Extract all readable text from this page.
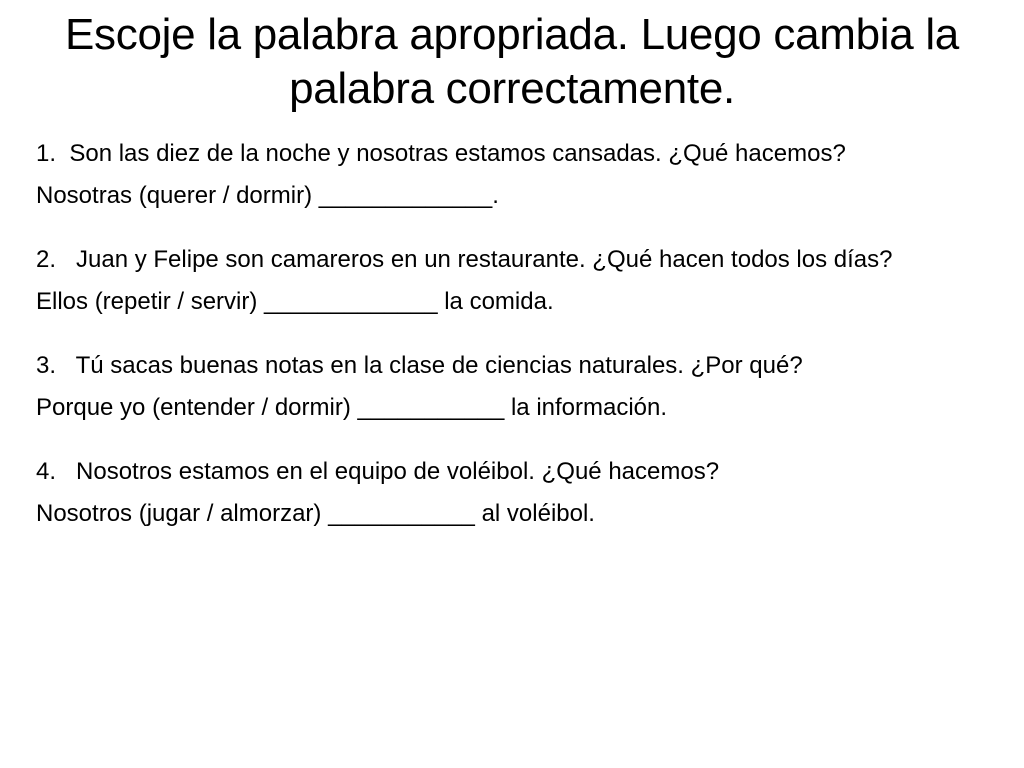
Escoje la palabra apropriada. Luego cambia la palabra correctamente.

1.  Son las diez de la noche y nosotras estamos cansadas. ¿Qué hacemos?

Nosotras (querer / dormir) _____________.

2.   Juan y Felipe son camareros en un restaurante. ¿Qué hacen todos los días?

Ellos (repetir / servir) _____________ la comida.

3.   Tú sacas buenas notas en la clase de ciencias naturales. ¿Por qué?

Porque yo (entender / dormir) ___________ la información.

4.   Nosotros estamos en el equipo de voléibol. ¿Qué hacemos?

Nosotros (jugar / almorzar) ___________ al voléibol.
